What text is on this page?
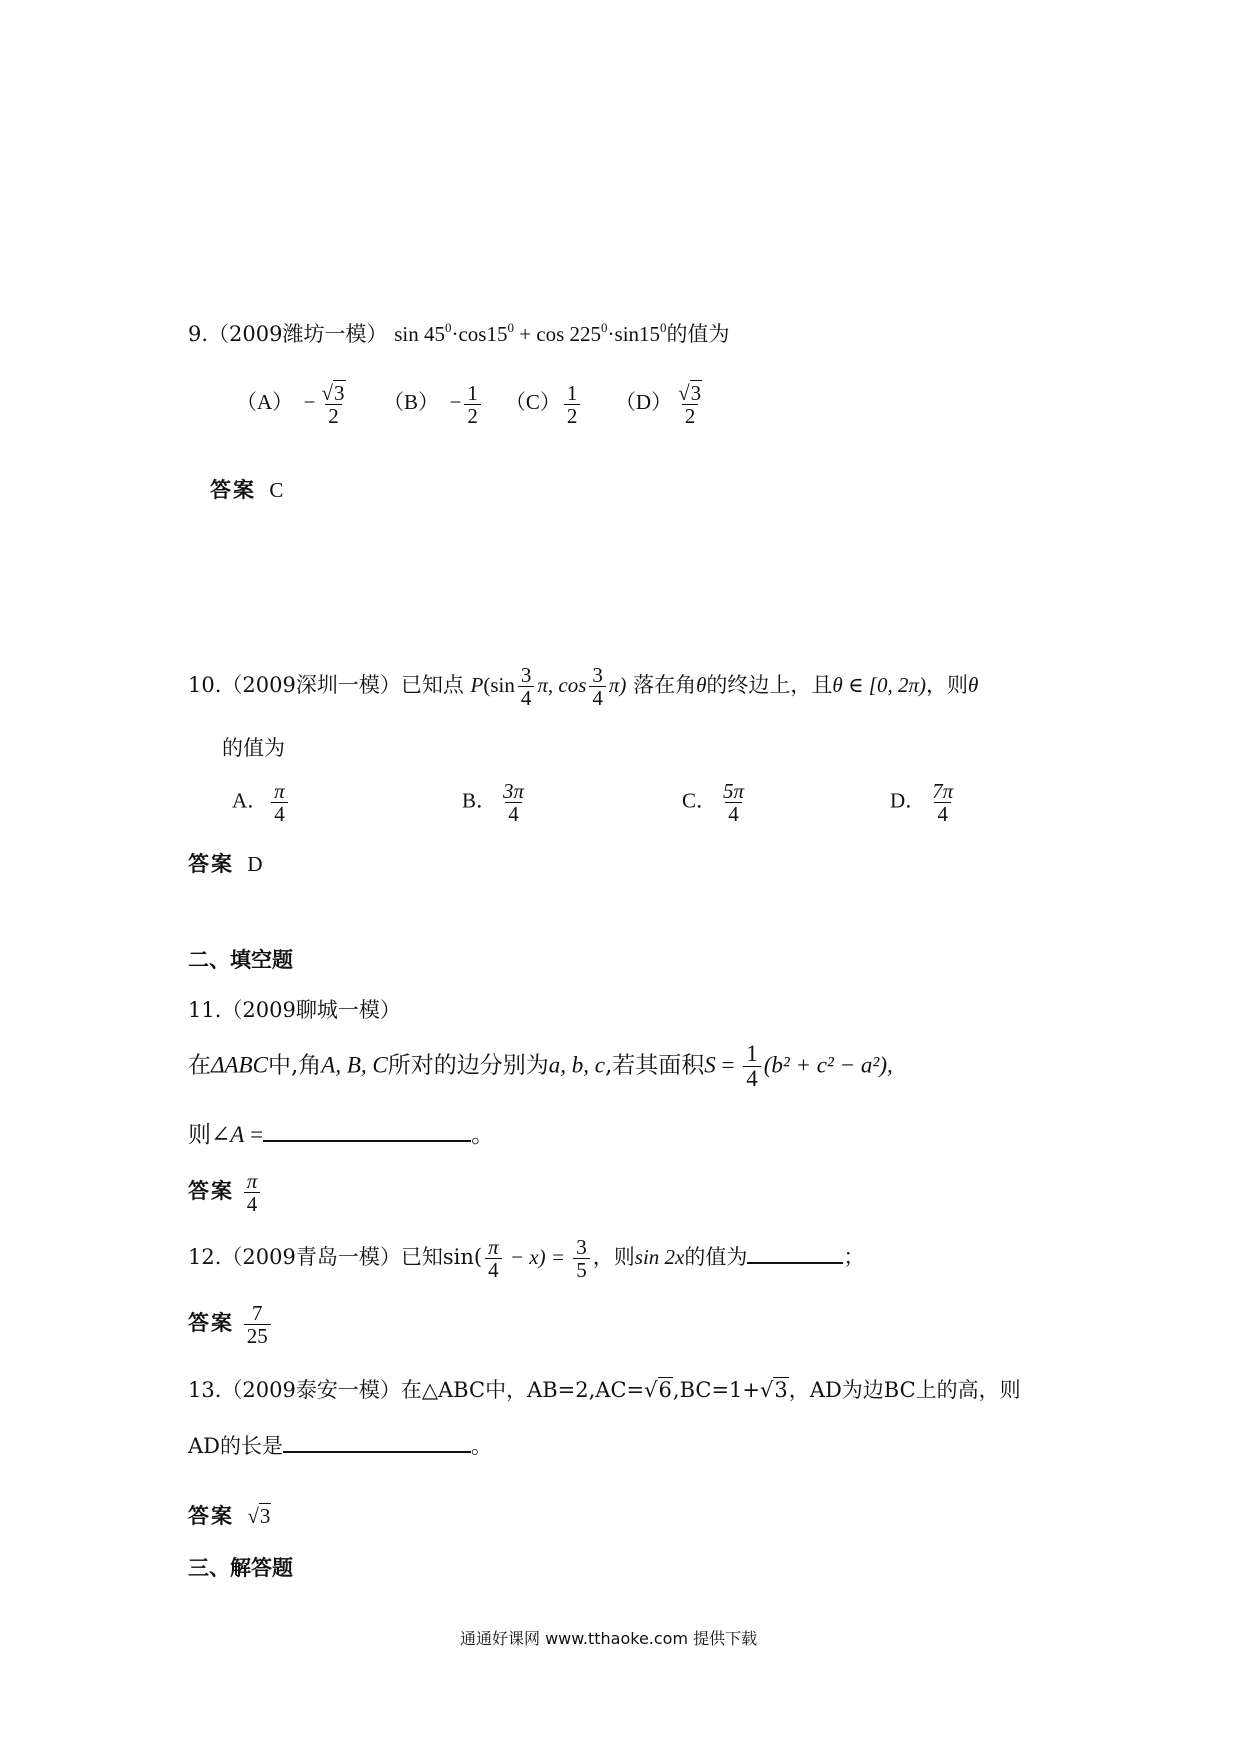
9.（2009潍坊一模） $\sin 45^0\cdot\cos 15^0 + \cos 225^0\cdot\sin 15^0$的值为
$(A) - \frac{√3}{2} (B) - \frac{1}{2} (C) \frac{1}{2} (D) \frac{√3}{2}$
答案 C
10.（2009深圳一模）已知点 $P(\sin \frac{3}{4} \pi$, $\cos \frac{3}{4} \pi$) 落在角θ的终边上，且θ ∈ [0, 2π)，则θ
的值为
A． $\frac{\pi}{4}$	B． $\frac{3\pi}{4}$	C． $\frac{5\pi}{4}$	D． $\frac{7\pi}{4}$
答案 D
二、填空题
11.（2009聊城一模）
在ΔABC中,角A, B, C所对的边分别为a, b, c,若其面积$S = \frac{1}{4} (b^2 + c^2 - a^2)$,
则∠A =	。
答案 $\frac{\pi}{4}$
12.（2009青岛一模）已知$\sin( \frac{\pi}{4} - x) = \frac{3}{5}$ ，则sin 2x的值为	；
答案 $\frac{7}{25}$
13.（2009泰安一模）在△ABC中，AB=2,AC=√6,BC=1+√3，AD为边BC上的高，则
AD的长是	。
答案 √3
三、解答题
通通好课网 www.tthaoke.com 提供下载
